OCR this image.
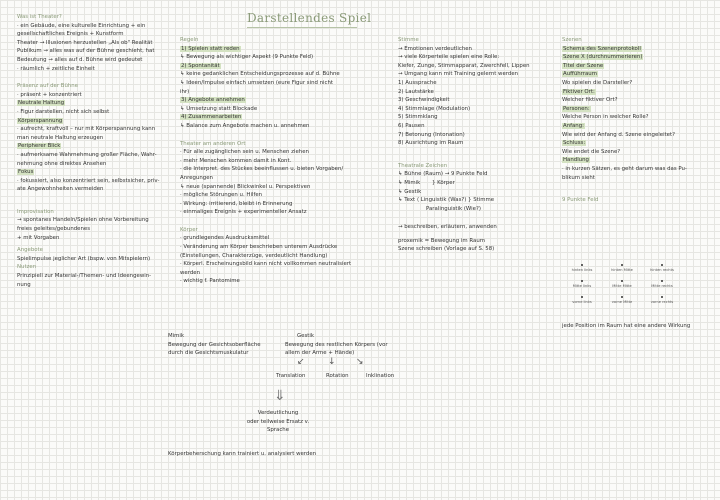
Darstellendes Spiel
Was ist Theater?
· ein Gebäude, eine kulturelle Einrichtung + ein
gesellschaftliches Ereignis + Kunstform
Theater → Illusionen herzustellen „Als ob" Realität
Publikum → alles was auf der Bühne geschieht, hat
Bedeutung → alles auf d. Bühne wird gedeutet
· räumlich + zeitliche Einheit
Präsenz auf der Bühne
· präsent + konzentriert
Neutrale Haltung
· Figur darstellen, nicht sich selbst
Körperspannung
· aufrecht, kraftvoll – nur mit Körperspannung kann
man neutrale Haltung erzeugen
Peripherer Blick
· aufmerksame Wahrnehmung großer Fläche, Wahr-
nehmung ohne direktes Ansehen
Fokus
· fokussiert, also konzentriert sein, selbstsicher, priv-
ate Angewohnheiten vermeiden
Improvisation
→ spontanes Handeln/Spielen ohne Vorbereitung
freies geleites/gebundenes
+ mit Vorgaben
Angebote
Spielimpulse jeglicher Art (bspw. von Mitspielern)
Nutzen
Prinzipiell zur Material-/Themen- und Ideengewin-
nung
Regeln
1) Spielen statt reden
↳ Bewegung als wichtiger Aspekt (9 Punkte Feld)
2) Spontanität
↳ keine gedanklichen Entscheidungsprozesse auf d. Bühne
↳ Ideen/Impulse einfach umsetzen (eure Figur sind nicht
ihr)
3) Angebote annehmen
↳ Umsetzung statt Blockade
4) Zusammenarbeiten
↳ Balance zum Angebote machen u. annehmen
Theater am anderen Ort
· Für alle zugänglichen sein u. Menschen ziehen
· mehr Menschen kommen damit in Kont.
· die Interpret. des Stückes beeinflussen u. bieten Vorgaben/
Anregungen
↳ neue (spannende) Blickwinkel u. Perspektiven
· mögliche Störungen u. Hilfen
· Wirkung: irritierend, bleibt in Erinnerung
· einmaliges Ereignis + experimenteller Ansatz
Körper
· grundlegendes Ausdrucksmittel
· Veränderung am Körper beschrieben unterem Ausdrücke
(Einstellungen, Charakterzüge, verdeutlicht Handlung)
· Körperl. Erscheinungsbild kann nicht vollkommen neutralisiert
werden
· wichtig f. Pantomime
Stimme
→ Emotionen verdeutlichen
→ viele Körperteile spielen eine Rolle:
Kiefer, Zunge, Stimmapparat, Zwerchfell, Lippen
→ Umgang kann mit Training gelernt werden
1) Aussprache
2) Lautstärke
3) Geschwindigkeit
4) Stimmlage (Modulation)
5) Stimmklang
6) Pausen
7) Betonung (Intonation)
8) Ausrichtung im Raum
Theatrale Zeichen
↳ Bühne (Raum) → 9 Punkte Feld
↳ Mimik } Körper
↳ Gestik
↳ Text ⟨ Linguistik (Was?) } Stimme
Paralinguistik (Wie?)
→ beschreiben, erläutern, anwenden
proxemik = Bewegung im Raum
Szene schreiben (Vorlage auf S. 58)
Szenen
Schema des Szenenprotokoll
Szene X (durchnummerieren)
Titel der Szene
Aufführraum
Wo spielen die Darsteller?
Fiktiver Ort:
Welcher fiktiver Ort?
Personen:
Welche Person in welcher Rolle?
Anfang:
Wie wird der Anfang d. Szene eingeleitet?
Schluss:
Wie endet die Szene?
Handlung
· in kurzen Sätzen, es geht darum was das Pu-
blikum sieht
9 Punkte Feld
hinten links	hinten Mitte	hinten rechts
Mitte links	Mitte Mitte	Mitte rechts
vorne links	vorne Mitte	vorne rechts
jede Position im Raum hat eine andere Wirkung
Mimik
Bewegung der Gesichtsoberfläche
durch die Gesichtsmuskulatur
Gestik
Bewegung des restlichen Körpers (vor
allem der Arme + Hände)
↙	↓ ↘
Translation	Rotation	Inklination
⇓
Verdeutlichung
oder teilweise Ersatz v.
Sprache
Körperbeherschung kann trainiert u. analysiert werden
